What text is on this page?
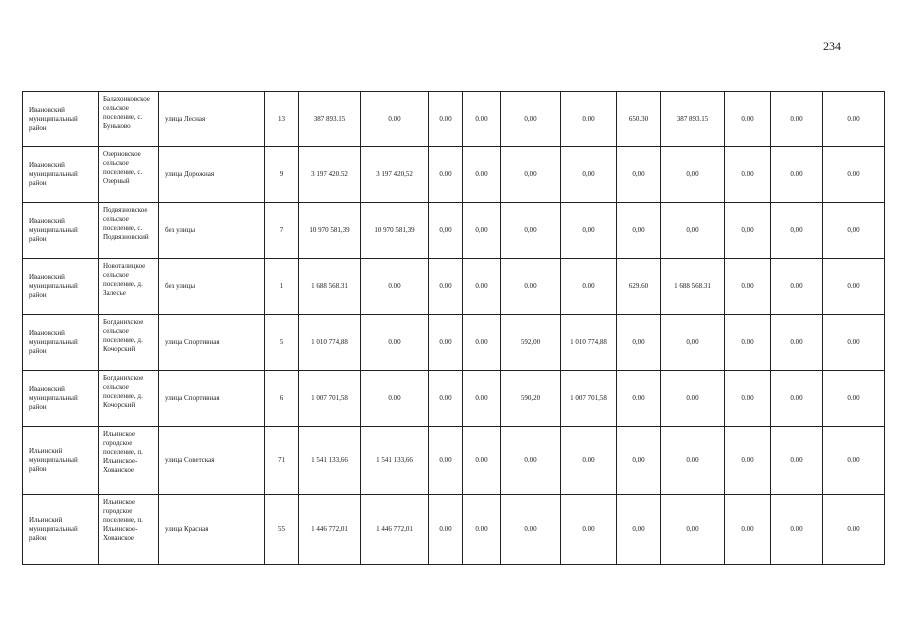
234
Ивановский муниципальный район	Балахонковское сельское поселение, с. Буньково	улица Лесная	13	387 893.15	0.00	0.00	0.00	0,00	0.00	650.30	387 893.15	0.00	0.00	0.00
Ивановский муниципальный район	Озерновское сельское поселение, с. Озерный	улица Дорожная	9	3 197 420.52	3 197 420,52	0.00	0.00	0,00	0,00	0,00	0,00	0.00	0.00	0.00
Ивановский муниципальный район	Подвязновское сельское поселение, с. Подвязновский	без улицы	7	10 970 581,39	10 970 581,39	0,00	0,00	0,00	0,00	0,00	0,00	0,00	0,00	0,00
Ивановский муниципальный район	Новоталицкое сельское поселение, д. Залесье	без улицы	1	1 688 568.31	0.00	0.00	0.00	0.00	0.00	629.60	1 688 568.31	0.00	0.00	0.00
Ивановский муниципальный район	Богданихское сельское поселение, д. Кочорский	улица Спортивная	5	1 010 774,88	0.00	0.00	0.00	592,00	1 010 774,88	0,00	0,00	0.00	0.00	0.00
Ивановский муниципальный район	Богданихское сельское поселение, д. Кочорский	улица Спортивная	6	1 007 701,58	0.00	0.00	0.00	590,20	1 007 701,58	0.00	0.00	0.00	0.00	0.00
Ильинский муниципальный район	Ильинское городское поселение, п. Ильинское-Хованское	улица Советская	71	1 541 133,66	1 541 133,66	0.00	0.00	0.00	0.00	0,00	0.00	0.00	0.00	0.00
Ильинский муниципальный район	Ильинское городское поселение, п. Ильинское-Хованское	улица Красная	55	1 446 772,01	1 446 772,01	0.00	0.00	0.00	0.00	0,00	0,00	0.00	0.00	0.00
